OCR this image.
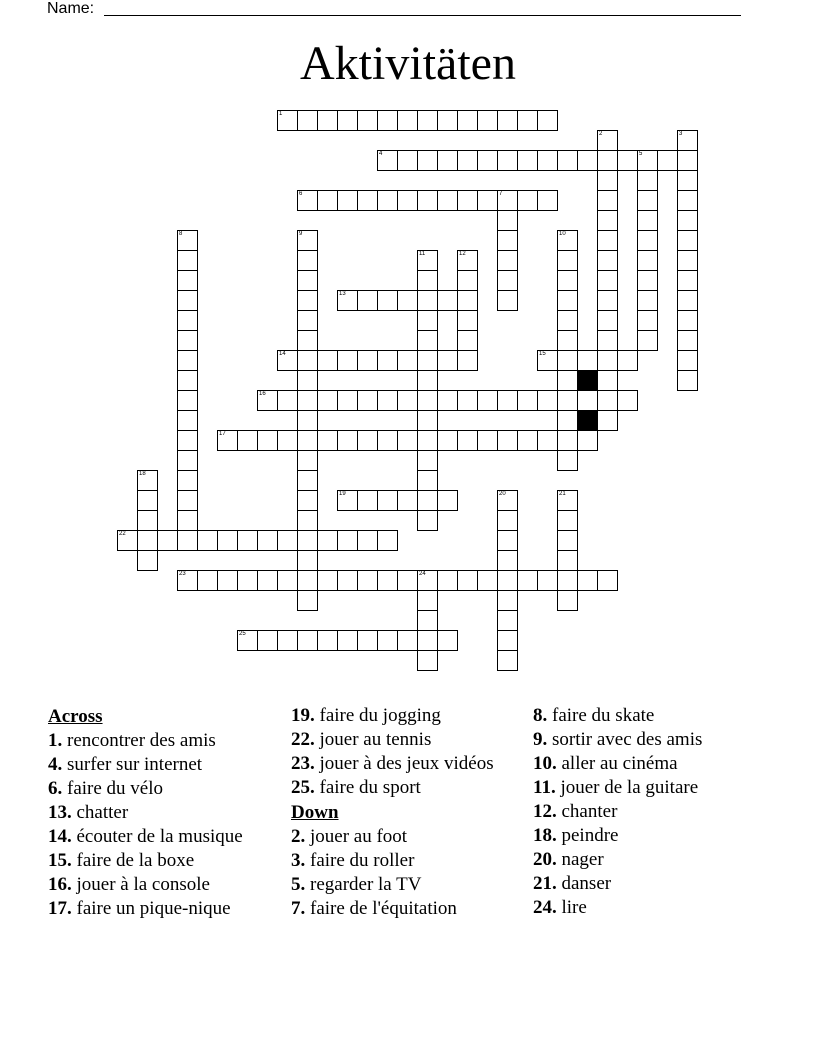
Name:
Aktivitäten
1
4	5
6	7
13
14	15
16
17
19
22
23	24
25
2	3
8	9	10
11	12
18
20	21
Across
1. rencontrer des amis
4. surfer sur internet
6. faire du vélo
13. chatter
14. écouter de la musique
15. faire de la boxe
16. jouer à la console
17. faire un pique-nique
19. faire du jogging
22. jouer au tennis
23. jouer à des jeux vidéos
25. faire du sport
Down
2. jouer au foot
3. faire du roller
5. regarder la TV
7. faire de l'équitation
8. faire du skate
9. sortir avec des amis
10. aller au cinéma
11. jouer de la guitare
12. chanter
18. peindre
20. nager
21. danser
24. lire
